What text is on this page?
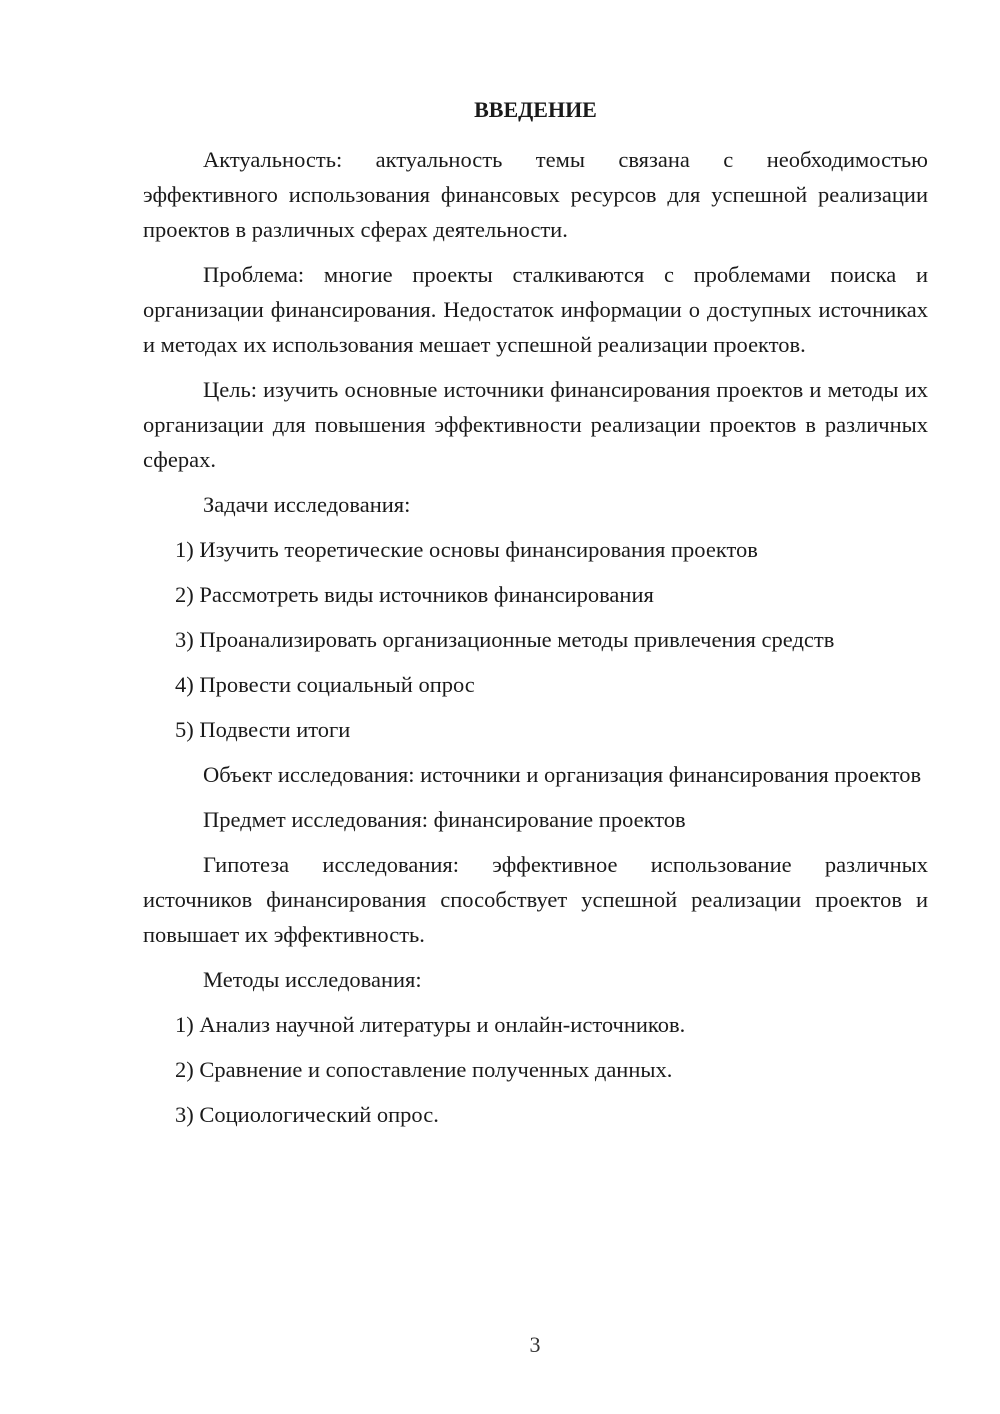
ВВЕДЕНИЕ

Актуальность: актуальность темы связана с необходимостью эффективного использования финансовых ресурсов для успешной реализации проектов в различных сферах деятельности.

Проблема: многие проекты сталкиваются с проблемами поиска и организации финансирования. Недостаток информации о доступных источниках и методах их использования мешает успешной реализации проектов.

Цель: изучить основные источники финансирования проектов и методы их организации для повышения эффективности реализации проектов в различных сферах.

Задачи исследования:

1) Изучить теоретические основы финансирования проектов
2) Рассмотреть виды источников финансирования
3) Проанализировать организационные методы привлечения средств
4) Провести социальный опрос
5) Подвести итоги

Объект исследования: источники и организация финансирования проектов

Предмет исследования: финансирование проектов

Гипотеза исследования: эффективное использование различных источников финансирования способствует успешной реализации проектов и повышает их эффективность.

Методы исследования:

1) Анализ научной литературы и онлайн-источников.
2) Сравнение и сопоставление полученных данных.
3) Социологический опрос.
3
